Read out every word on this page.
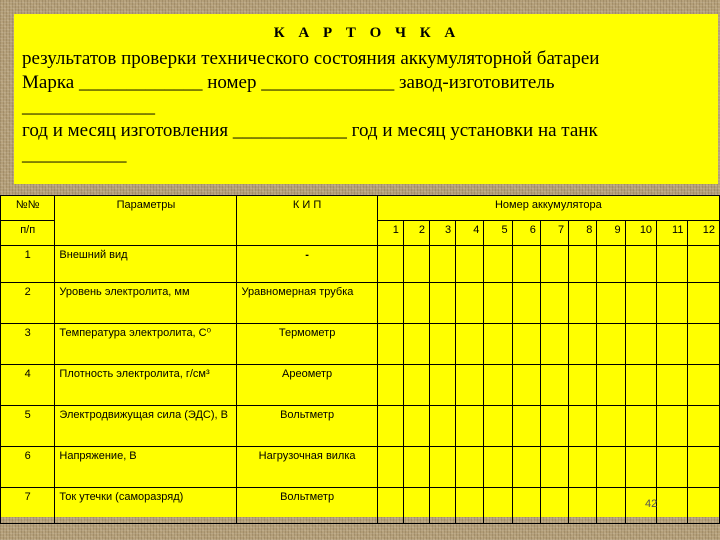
К А Р Т О Ч К А
результатов проверки технического состояния аккумуляторной батареи
Марка _____________ номер ______________ завод-изготовитель
______________
год и месяц изготовления ____________ год и месяц установки на танк
___________
№№	Параметры	К И П	Номер аккумулятора											
п/п			1	2	3	4	5	6	7	8	9	10	11	12
1	Внешний вид	-												
2	Уровень электролита, мм	Уравномерная трубка												
3	Температура электролита, С⁰	Термометр												
4	Плотность электролита, г/см³	Ареометр												
5	Электродвижущая сила (ЭДС), В	Вольтметр												
6	Напряжение, В	Нагрузочная вилка												
7	Ток утечки (саморазряд)	Вольтметр												
42
